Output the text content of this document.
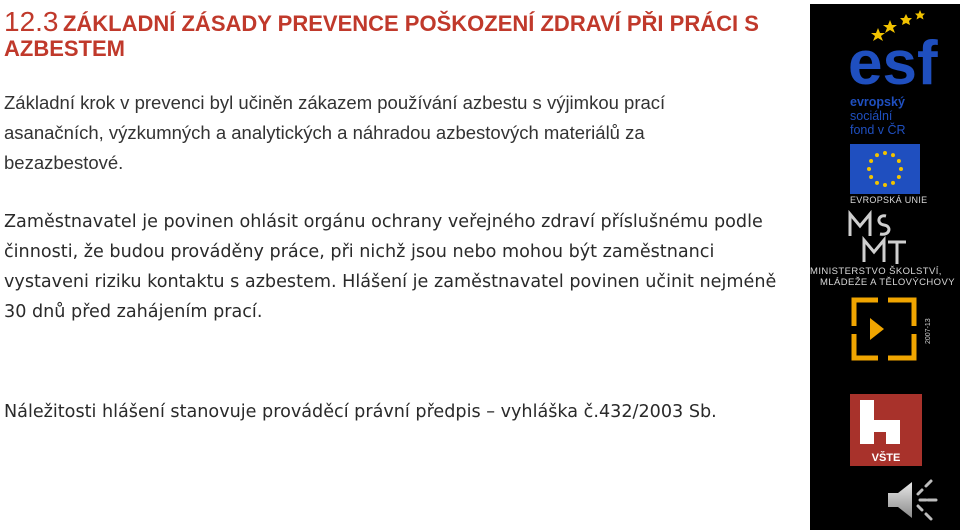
12.3 ZÁKLADNÍ ZÁSADY PREVENCE POŠKOZENÍ ZDRAVÍ PŘI PRÁCI S AZBESTEM
Základní krok v prevenci byl učiněn zákazem používání azbestu s výjimkou prací asanačních, výzkumných a analytických a náhradou azbestových materiálů za bezazbestové.
Zaměstnavatel je povinen ohlásit orgánu ochrany veřejného zdraví příslušnému podle činnosti, že budou prováděny práce, při nichž jsou nebo mohou být zaměstnanci vystaveni riziku kontaktu s azbestem. Hlášení je zaměstnavatel povinen učinit nejméně 30 dnů před zahájením prací.
Náležitosti hlášení stanovuje prováděcí právní předpis – vyhláška č.432/2003 Sb.
esf
evropský
sociální
fond v ČR
EVROPSKÁ UNIE
MINISTERSTVO ŠKOLSTVÍ,
MLÁDEŽE A TĚLOVÝCHOVY
2007-13
VŠTE
